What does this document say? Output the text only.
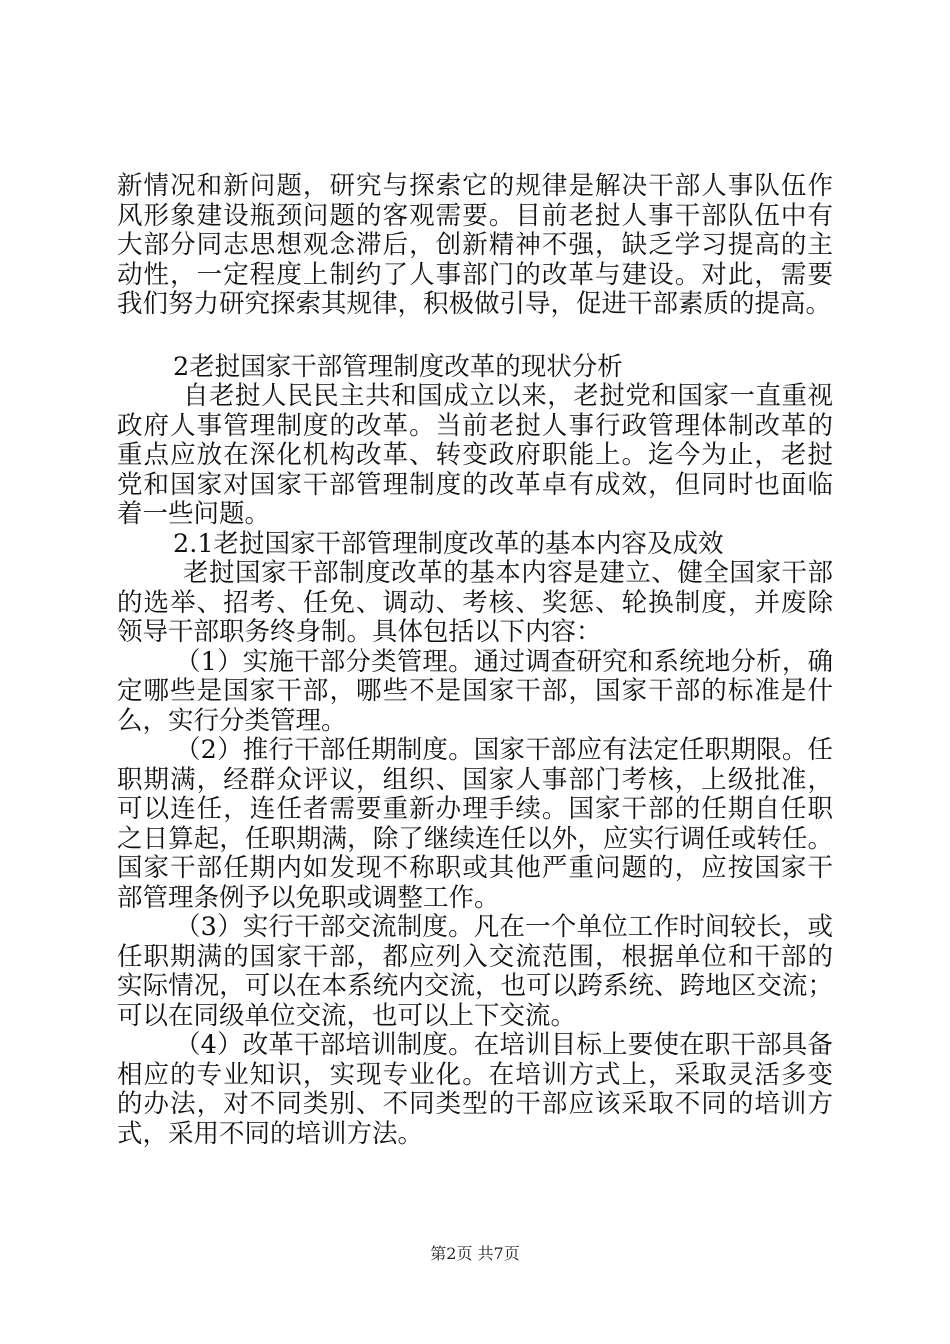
新情况和新问题，研究与探索它的规律是解决干部人事队伍作
风形象建设瓶颈问题的客观需要。目前老挝人事干部队伍中有
大部分同志思想观念滞后，创新精神不强，缺乏学习提高的主
动性，一定程度上制约了人事部门的改革与建设。对此，需要
我们努力研究探索其规律，积极做引导，促进干部素质的提高。
2老挝国家干部管理制度改革的现状分析
自老挝人民民主共和国成立以来，老挝党和国家一直重视
政府人事管理制度的改革。当前老挝人事行政管理体制改革的
重点应放在深化机构改革、转变政府职能上。迄今为止，老挝
党和国家对国家干部管理制度的改革卓有成效，但同时也面临
着一些问题。
2.1老挝国家干部管理制度改革的基本内容及成效
老挝国家干部制度改革的基本内容是建立、健全国家干部
的选举、招考、任免、调动、考核、奖惩、轮换制度，并废除
领导干部职务终身制。具体包括以下内容：
（1）实施干部分类管理。通过调查研究和系统地分析，确
定哪些是国家干部，哪些不是国家干部，国家干部的标准是什
么，实行分类管理。
（2）推行干部任期制度。国家干部应有法定任职期限。任
职期满，经群众评议，组织、国家人事部门考核，上级批准，
可以连任，连任者需要重新办理手续。国家干部的任期自任职
之日算起，任职期满，除了继续连任以外，应实行调任或转任。
国家干部任期内如发现不称职或其他严重问题的，应按国家干
部管理条例予以免职或调整工作。
（3）实行干部交流制度。凡在一个单位工作时间较长，或
任职期满的国家干部，都应列入交流范围，根据单位和干部的
实际情况，可以在本系统内交流，也可以跨系统、跨地区交流；
可以在同级单位交流，也可以上下交流。
（4）改革干部培训制度。在培训目标上要使在职干部具备
相应的专业知识，实现专业化。在培训方式上，采取灵活多变
的办法，对不同类别、不同类型的干部应该采取不同的培训方
式，采用不同的培训方法。
第2页 共7页
